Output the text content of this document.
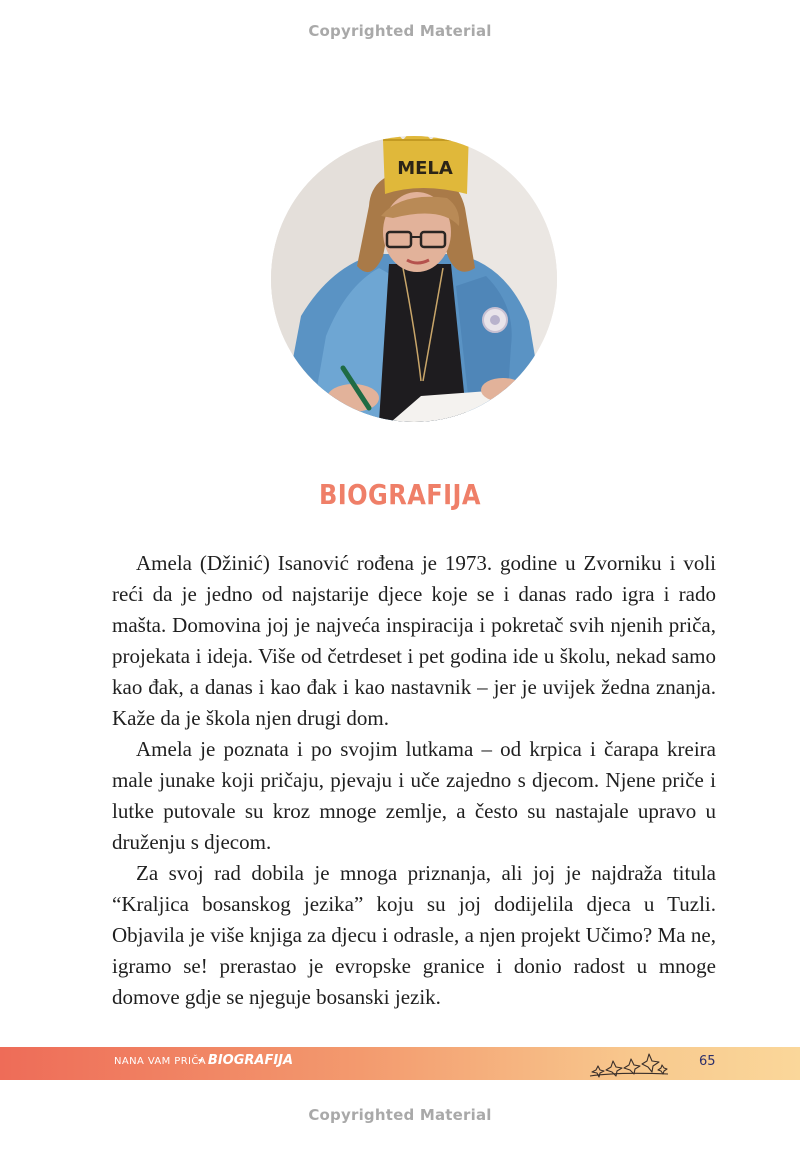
Copyrighted Material
MELA
BIOGRAFIJA

Amela (Džinić) Isanović rođena je 1973. godine u Zvorniku i voli reći da je jedno od najstarije djece koje se i danas rado igra i rado mašta. Domovina joj je najveća inspiracija i pokretač svih njenih priča, projekata i ideja. Više od četrdeset i pet godina ide u školu, nekad samo kao đak, a danas i kao đak i kao nastavnik – jer je uvijek žedna znanja. Kaže da je škola njen drugi dom.

Amela je poznata i po svojim lutkama – od krpica i čarapa kreira male junake koji pričaju, pjevaju i uče zajedno s djecom. Njene priče i lutke putovale su kroz mnoge zemlje, a često su nastajale upravo u druženju s djecom.

Za svoj rad dobila je mnoga priznanja, ali joj je najdraža titula “Kraljica bosanskog jezika” koju su joj dodijelila djeca u Tuzli. Objavila je više knjiga za djecu i odrasle, a njen projekt Učimo? Ma ne, igramo se! prerastao je evropske granice i donio radost u mnoge domove gdje se njeguje bosanski jezik.

NANA VAM PRIČA
- BIOGRAFIJA	65
Copyrighted Material
